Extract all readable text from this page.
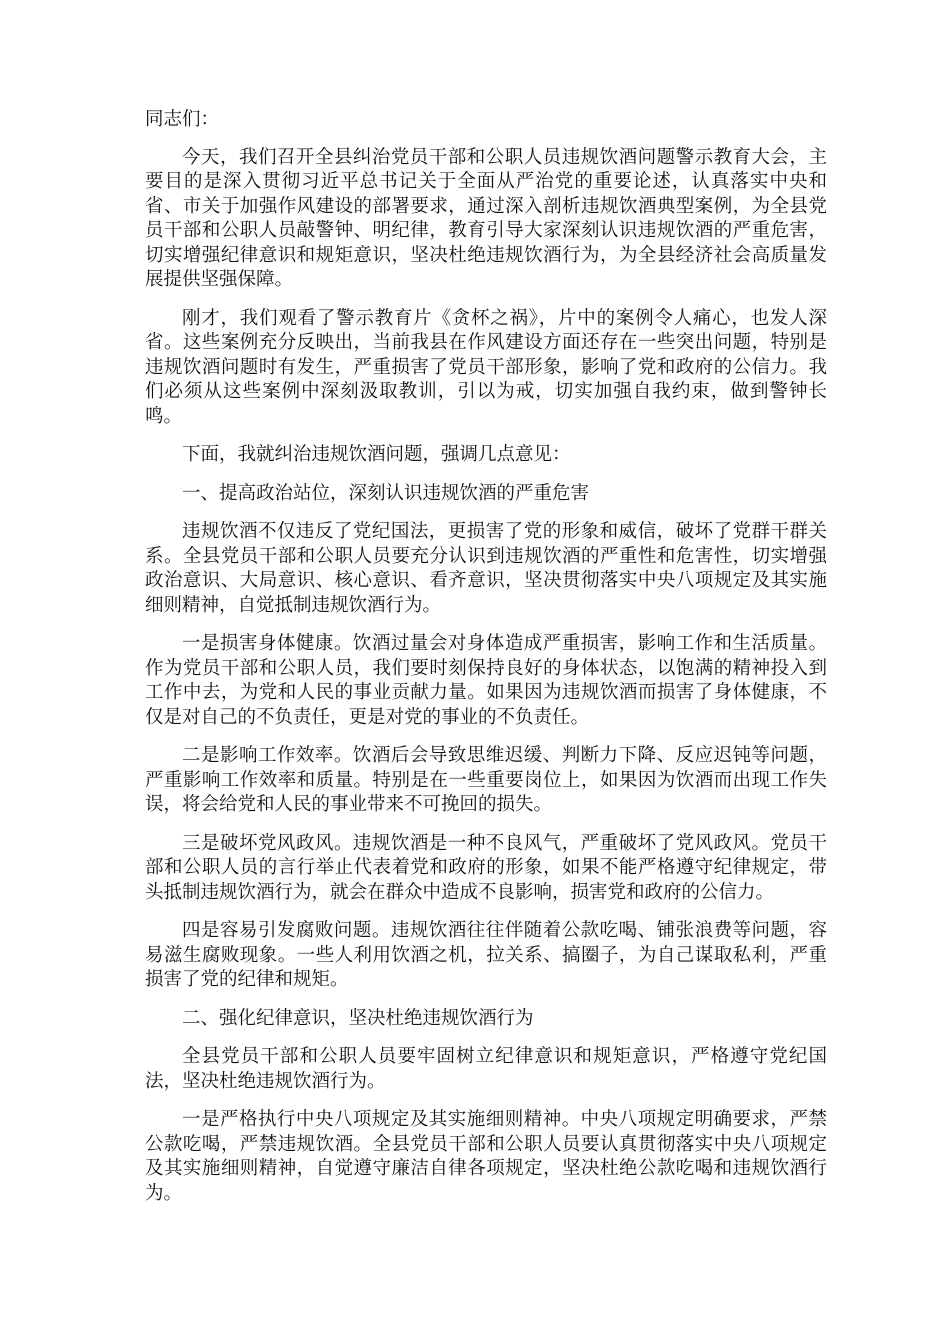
同志们：

今天，我们召开全县纠治党员干部和公职人员违规饮酒问题警示教育大会，主要目的是深入贯彻习近平总书记关于全面从严治党的重要论述，认真落实中央和省、市关于加强作风建设的部署要求，通过深入剖析违规饮酒典型案例，为全县党员干部和公职人员敲警钟、明纪律，教育引导大家深刻认识违规饮酒的严重危害，切实增强纪律意识和规矩意识，坚决杜绝违规饮酒行为，为全县经济社会高质量发展提供坚强保障。

刚才，我们观看了警示教育片《贪杯之祸》，片中的案例令人痛心，也发人深省。这些案例充分反映出，当前我县在作风建设方面还存在一些突出问题，特别是违规饮酒问题时有发生，严重损害了党员干部形象，影响了党和政府的公信力。我们必须从这些案例中深刻汲取教训，引以为戒，切实加强自我约束，做到警钟长鸣。

下面，我就纠治违规饮酒问题，强调几点意见：

一、提高政治站位，深刻认识违规饮酒的严重危害

违规饮酒不仅违反了党纪国法，更损害了党的形象和威信，破坏了党群干群关系。全县党员干部和公职人员要充分认识到违规饮酒的严重性和危害性，切实增强政治意识、大局意识、核心意识、看齐意识，坚决贯彻落实中央八项规定及其实施细则精神，自觉抵制违规饮酒行为。

一是损害身体健康。饮酒过量会对身体造成严重损害，影响工作和生活质量。作为党员干部和公职人员，我们要时刻保持良好的身体状态，以饱满的精神投入到工作中去，为党和人民的事业贡献力量。如果因为违规饮酒而损害了身体健康，不仅是对自己的不负责任，更是对党的事业的不负责任。

二是影响工作效率。饮酒后会导致思维迟缓、判断力下降、反应迟钝等问题，严重影响工作效率和质量。特别是在一些重要岗位上，如果因为饮酒而出现工作失误，将会给党和人民的事业带来不可挽回的损失。

三是破坏党风政风。违规饮酒是一种不良风气，严重破坏了党风政风。党员干部和公职人员的言行举止代表着党和政府的形象，如果不能严格遵守纪律规定，带头抵制违规饮酒行为，就会在群众中造成不良影响，损害党和政府的公信力。

四是容易引发腐败问题。违规饮酒往往伴随着公款吃喝、铺张浪费等问题，容易滋生腐败现象。一些人利用饮酒之机，拉关系、搞圈子，为自己谋取私利，严重损害了党的纪律和规矩。

二、强化纪律意识，坚决杜绝违规饮酒行为

全县党员干部和公职人员要牢固树立纪律意识和规矩意识，严格遵守党纪国法，坚决杜绝违规饮酒行为。

一是严格执行中央八项规定及其实施细则精神。中央八项规定明确要求，严禁公款吃喝，严禁违规饮酒。全县党员干部和公职人员要认真贯彻落实中央八项规定及其实施细则精神，自觉遵守廉洁自律各项规定，坚决杜绝公款吃喝和违规饮酒行为。
